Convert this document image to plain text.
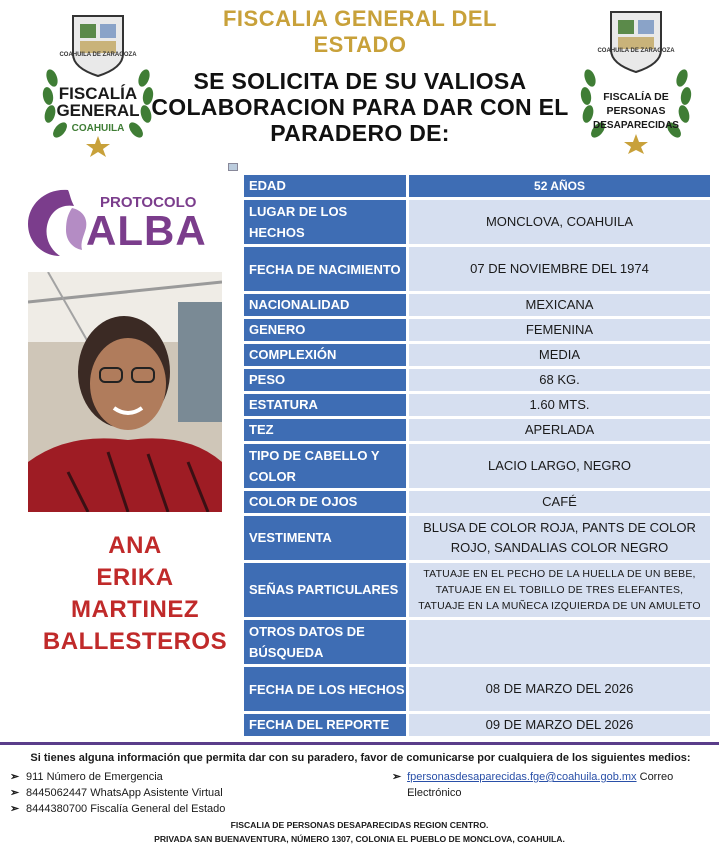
FISCALIA GENERAL DEL ESTADO
SE SOLICITA DE SU VALIOSA COLABORACION PARA DAR CON EL PARADERO DE:
COAHUILA DE ZARAGOZA
FISCALÍA
GENERAL
COAHUILA
COAHUILA DE ZARAGOZA
FISCALÍA DE
PERSONAS
DESAPARECIDAS
PROTOCOLO
ALBA
ANA
ERIKA
MARTINEZ
BALLESTEROS
EDAD	52 AÑOS
LUGAR DE LOS HECHOS	MONCLOVA, COAHUILA
FECHA DE NACIMIENTO	07 DE NOVIEMBRE DEL 1974
NACIONALIDAD	MEXICANA
GENERO	FEMENINA
COMPLEXIÓN	MEDIA
PESO	68 KG.
ESTATURA	1.60 MTS.
TEZ	APERLADA
TIPO DE CABELLO Y COLOR	LACIO LARGO, NEGRO
COLOR DE OJOS	CAFÉ
VESTIMENTA	BLUSA DE COLOR ROJA, PANTS DE COLOR ROJO, SANDALIAS COLOR NEGRO
SEÑAS PARTICULARES	TATUAJE EN EL PECHO DE LA HUELLA DE UN BEBE, TATUAJE EN EL TOBILLO DE TRES ELEFANTES, TATUAJE EN LA MUÑECA IZQUIERDA DE UN AMULETO
OTROS DATOS DE BÚSQUEDA	
FECHA DE LOS HECHOS	08 DE MARZO DEL 2026
FECHA DEL REPORTE	09 DE MARZO DEL 2026
Si tienes alguna información que permita dar con su paradero, favor de comunicarse por cualquiera de los siguientes medios:
➢ 911 Número de Emergencia
➢ 8445062447 WhatsApp Asistente Virtual
➢ 8444380700 Fiscalía General del Estado
➢ fpersonasdesaparecidas.fge@coahuila.gob.mx Correo Electrónico
FISCALIA DE PERSONAS DESAPARECIDAS REGION CENTRO.
PRIVADA SAN BUENAVENTURA, NÚMERO 1307, COLONIA EL PUEBLO DE MONCLOVA, COAHUILA.
